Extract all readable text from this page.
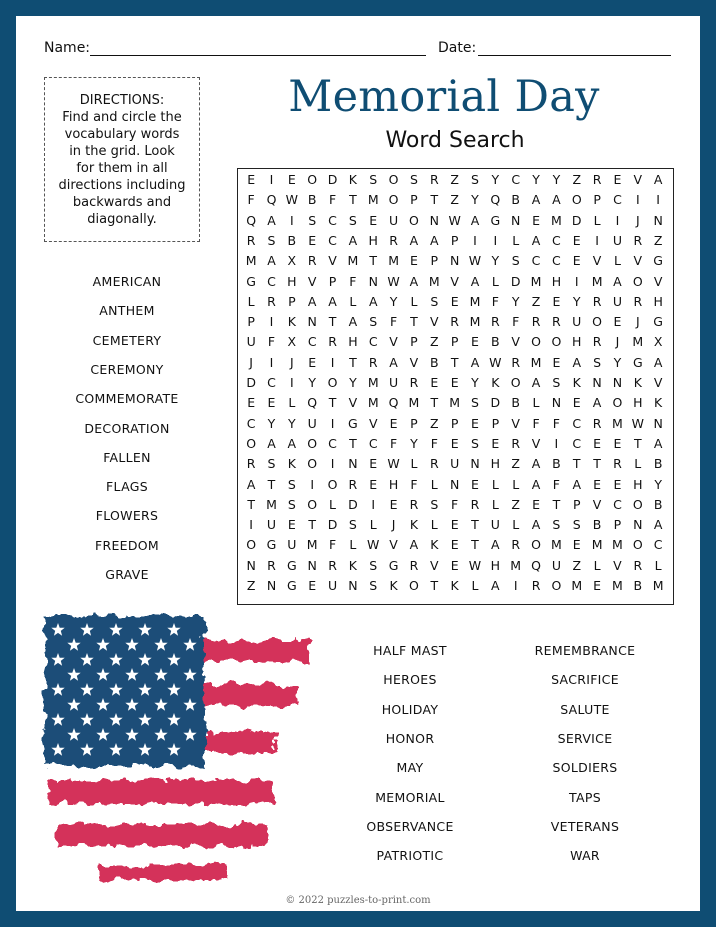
Name:	Date:
Memorial Day
Word Search
DIRECTIONS:
Find and circle the
vocabulary words
in the grid. Look
for them in all
directions including
backwards and
diagonally.
AMERICAN
ANTHEM
CEMETERY
CEREMONY
COMMEMORATE
DECORATION
FALLEN
FLAGS
FLOWERS
FREEDOM
GRAVE
HALF MAST
HEROES
HOLIDAY
HONOR
MAY
MEMORIAL
OBSERVANCE
PATRIOTIC
REMEMBRANCE
SACRIFICE
SALUTE
SERVICE
SOLDIERS
TAPS
VETERANS
WAR
E	I	E O D K S O S R Z S	Y C Y	Y Z R E V A
F Q W B F	T M O P	T Z Y Q B A A O P C	I	I
Q A	I	S C S E U O N W A G N E M D L	I	J	N
R S B E C A H R A A P	I	I	L	A C E	I	U R Z
M A X R V M T M E	P N W Y	S C C E V	L	V G
G C H V P	F N W A M V A	L D M H	I	M A O V
L	R P A A	L	A Y	L	S E M F	Y Z E	Y R U R H
P	I	K N T A S	F	T V R M R F R R U O E	J	G
U F X C R H C V P Z P	E B V O O H R	J	M X
J	I	J	E	I	T R A V B T A W R M E A S	Y G A
D C	I	Y O Y M U R E E	Y K O A S K N N K V
E E	L Q T V M Q M T M S D B	L N E A O H K
C Y	Y U	I	G V E	P Z P	E	P V F	F C R M W N
O A A O C T C F	Y	F	E S E R V	I	C E E	T A
R S K O	I	N E W L	R U N H Z A B T	T R	L	B
A T	S	I	O R E H F	L N E	L	L	A F A E E H Y
T M S O L D	I	E R S	F R	L	Z E	T	P V C O B
I	U E	T D S	L	J	K	L	E	T U L	A S S B P N A
O G U M F	L W V A K E	T A R O M E M M O C
N R G N R K S G R V E W H M Q U Z	L	V R	L
Z N G E U N S K O T K	L	A	I	R O M E M B M
© 2022 puzzles-to-print.com
